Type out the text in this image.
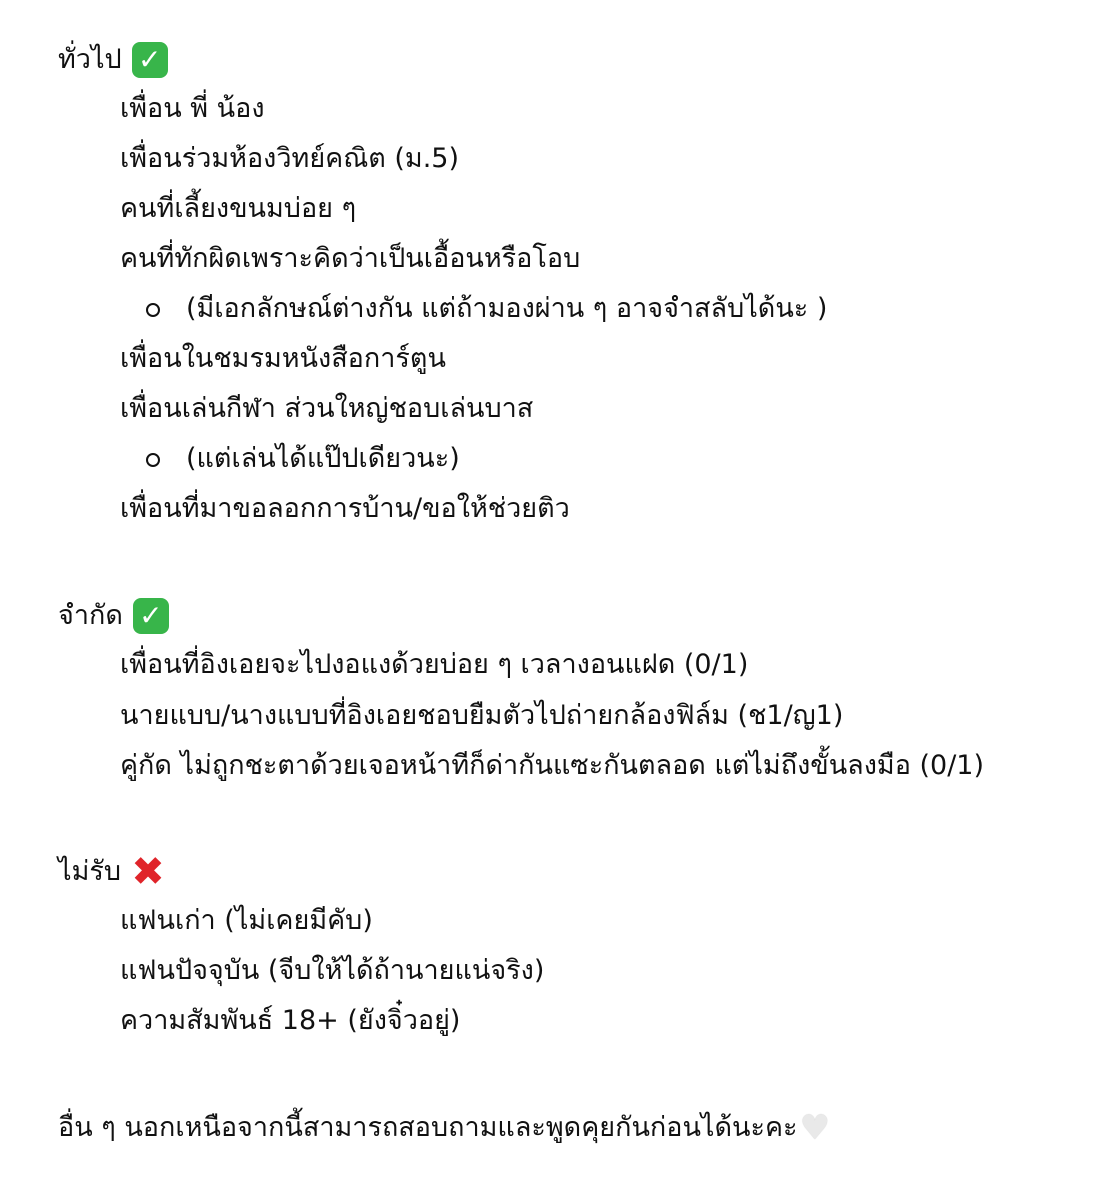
ทั่วไป ✓
เพื่อน พี่ น้อง
เพื่อนร่วมห้องวิทย์คณิต (ม.5)
คนที่เลี้ยงขนมบ่อย ๆ
คนที่ทักผิดเพราะคิดว่าเป็นเอื้อนหรือโอบ
(มีเอกลักษณ์ต่างกัน แต่ถ้ามองผ่าน ๆ อาจจำสลับได้นะ )
เพื่อนในชมรมหนังสือการ์ตูน
เพื่อนเล่นกีฬา ส่วนใหญ่ชอบเล่นบาส
(แต่เล่นได้แป๊ปเดียวนะ)
เพื่อนที่มาขอลอกการบ้าน/ขอให้ช่วยติว
จำกัด ✓
เพื่อนที่อิงเอยจะไปงอแงด้วยบ่อย ๆ เวลางอนแฝด (0/1)
นายแบบ/นางแบบที่อิงเอยชอบยืมตัวไปถ่ายกล้องฟิล์ม (ช1/ญ1)
คู่กัด ไม่ถูกชะตาด้วยเจอหน้าทีก็ด่ากันแซะกันตลอด แต่ไม่ถึงขั้นลงมือ (0/1)
ไม่รับ ✖
แฟนเก่า (ไม่เคยมีคับ)
แฟนปัจจุบัน (จีบให้ได้ถ้านายแน่จริง)
ความสัมพันธ์ 18+ (ยังจิ๋วอยู่)
อื่น ๆ นอกเหนือจากนี้สามารถสอบถามและพูดคุยกันก่อนได้นะคะ ♥
